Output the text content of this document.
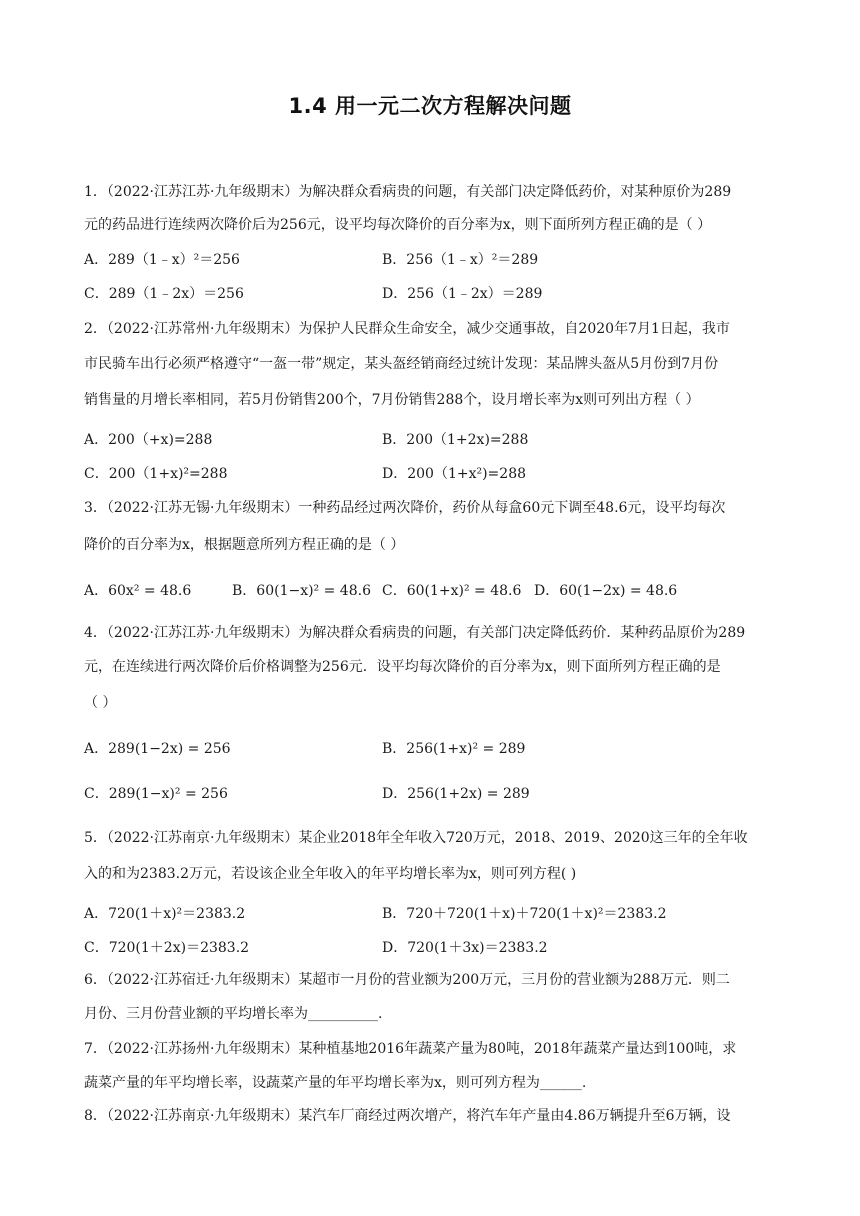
1.4 用一元二次方程解决问题
1．（2022·江苏江苏·九年级期末）为解决群众看病贵的问题，有关部门决定降低药价，对某种原价为289
元的药品进行连续两次降价后为256元，设平均每次降价的百分率为x，则下面所列方程正确的是（ ）
A．289（1﹣x）²＝256	B．256（1﹣x）²＝289
C．289（1﹣2x）＝256	D．256（1﹣2x）＝289
2．（2022·江苏常州·九年级期末）为保护人民群众生命安全，减少交通事故，自2020年7月1日起，我市
市民骑车出行必须严格遵守“一盔一带”规定，某头盔经销商经过统计发现：某品牌头盔从5月份到7月份
销售量的月增长率相同，若5月份销售200个，7月份销售288个，设月增长率为x则可列出方程（ ）
A．200（+x)=288	B．200（1+2x)=288
C．200（1+x)²=288	D．200（1+x²)=288
3．（2022·江苏无锡·九年级期末）一种药品经过两次降价，药价从每盒60元下调至48.6元，设平均每次
降价的百分率为x，根据题意所列方程正确的是（ ）
A．60x² = 48.6	B．60(1−x)² = 48.6 C．60(1+x)² = 48.6 D．60(1−2x) = 48.6
4．（2022·江苏江苏·九年级期末）为解决群众看病贵的问题，有关部门决定降低药价．某种药品原价为289
元，在连续进行两次降价后价格调整为256元．设平均每次降价的百分率为x，则下面所列方程正确的是
（ ）
A．289(1−2x) = 256	B．256(1+x)² = 289
C．289(1−x)² = 256	D．256(1+2x) = 289
5．（2022·江苏南京·九年级期末）某企业2018年全年收入720万元，2018、2019、2020这三年的全年收
入的和为2383.2万元，若设该企业全年收入的年平均增长率为x，则可列方程( )
A．720(1＋x)²＝2383.2	B．720＋720(1＋x)＋720(1＋x)²＝2383.2
C．720(1＋2x)＝2383.2	D．720(1＋3x)＝2383.2
6．（2022·江苏宿迁·九年级期末）某超市一月份的营业额为200万元，三月份的营业额为288万元．则二
月份、三月份营业额的平均增长率为__________.
7．（2022·江苏扬州·九年级期末）某种植基地2016年蔬菜产量为80吨，2018年蔬菜产量达到100吨，求
蔬菜产量的年平均增长率，设蔬菜产量的年平均增长率为x，则可列方程为______.
8．（2022·江苏南京·九年级期末）某汽车厂商经过两次增产，将汽车年产量由4.86万辆提升至6万辆，设
